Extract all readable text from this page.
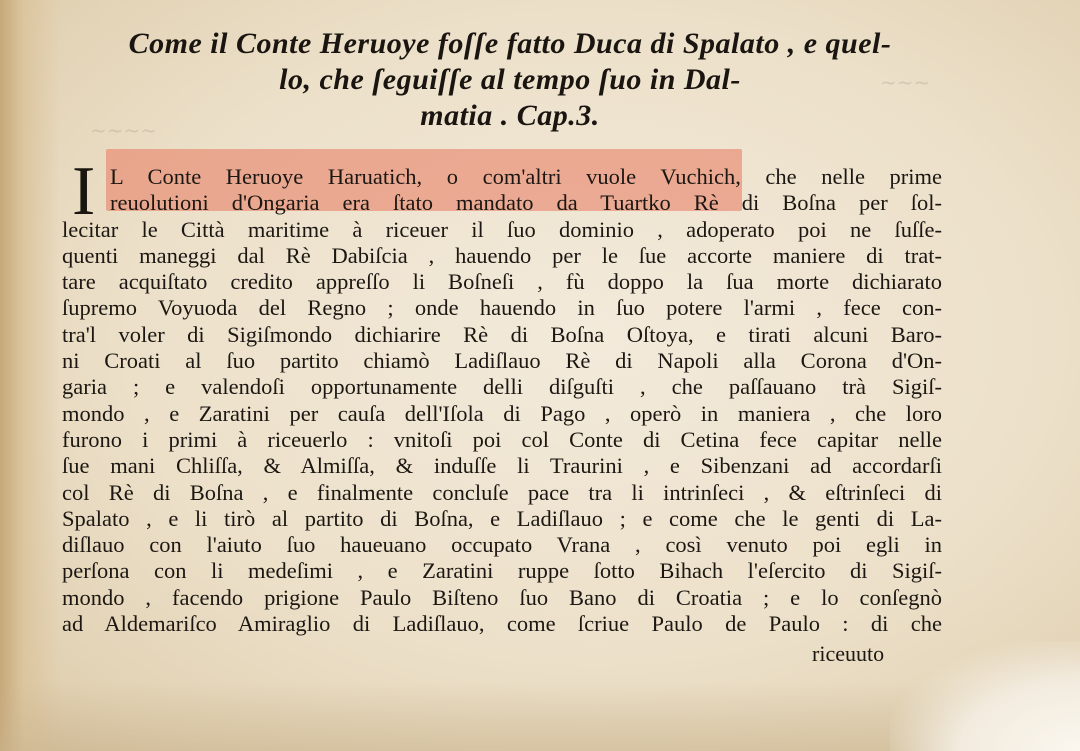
~~~~
~~~
Come il Conte Heruoye foſſe fatto Duca di Spalato , e quel-
lo, che ſeguiſſe al tempo ſuo in Dal-
matia . Cap.3.
I L Conte Heruoye Haruatich, o com'altri vuole Vuchich, che nelle prime
reuolutioni d'Ongaria era ſtato mandato da Tuartko Rè di Boſna per ſol-
lecitar le Città maritime à riceuer il ſuo dominio , adoperato poi ne ſuſſe-
quenti maneggi dal Rè Dabiſcia , hauendo per le ſue accorte maniere di trat-
tare acquiſtato credito appreſſo li Boſneſi , fù doppo la ſua morte dichiarato
ſupremo Voyuoda del Regno ; onde hauendo in ſuo potere l'armi , fece con-
tra'l voler di Sigiſmondo dichiarire Rè di Boſna Oſtoya, e tirati alcuni Baro-
ni Croati al ſuo partito chiamò Ladiſlauo Rè di Napoli alla Corona d'On-
garia ; e valendoſi opportunamente delli diſguſti , che paſſauano trà Sigiſ-
mondo , e Zaratini per cauſa dell'Iſola di Pago , operò in maniera , che loro
furono i primi à riceuerlo : vnitoſi poi col Conte di Cetina fece capitar nelle
ſue mani Chliſſa, & Almiſſa, & induſſe li Traurini , e Sibenzani ad accordarſi
col Rè di Boſna , e finalmente concluſe pace tra li intrinſeci , & eſtrinſeci di
Spalato , e li tirò al partito di Boſna, e Ladiſlauo ; e come che le genti di La-
diſlauo con l'aiuto ſuo haueuano occupato Vrana , così venuto poi egli in
perſona con li medeſimi , e Zaratini ruppe ſotto Bihach l'eſercito di Sigiſ-
mondo , facendo prigione Paulo Biſteno ſuo Bano di Croatia ; e lo conſegnò
ad Aldemariſco Amiraglio di Ladiſlauo, come ſcriue Paulo de Paulo : di che
riceuuto
